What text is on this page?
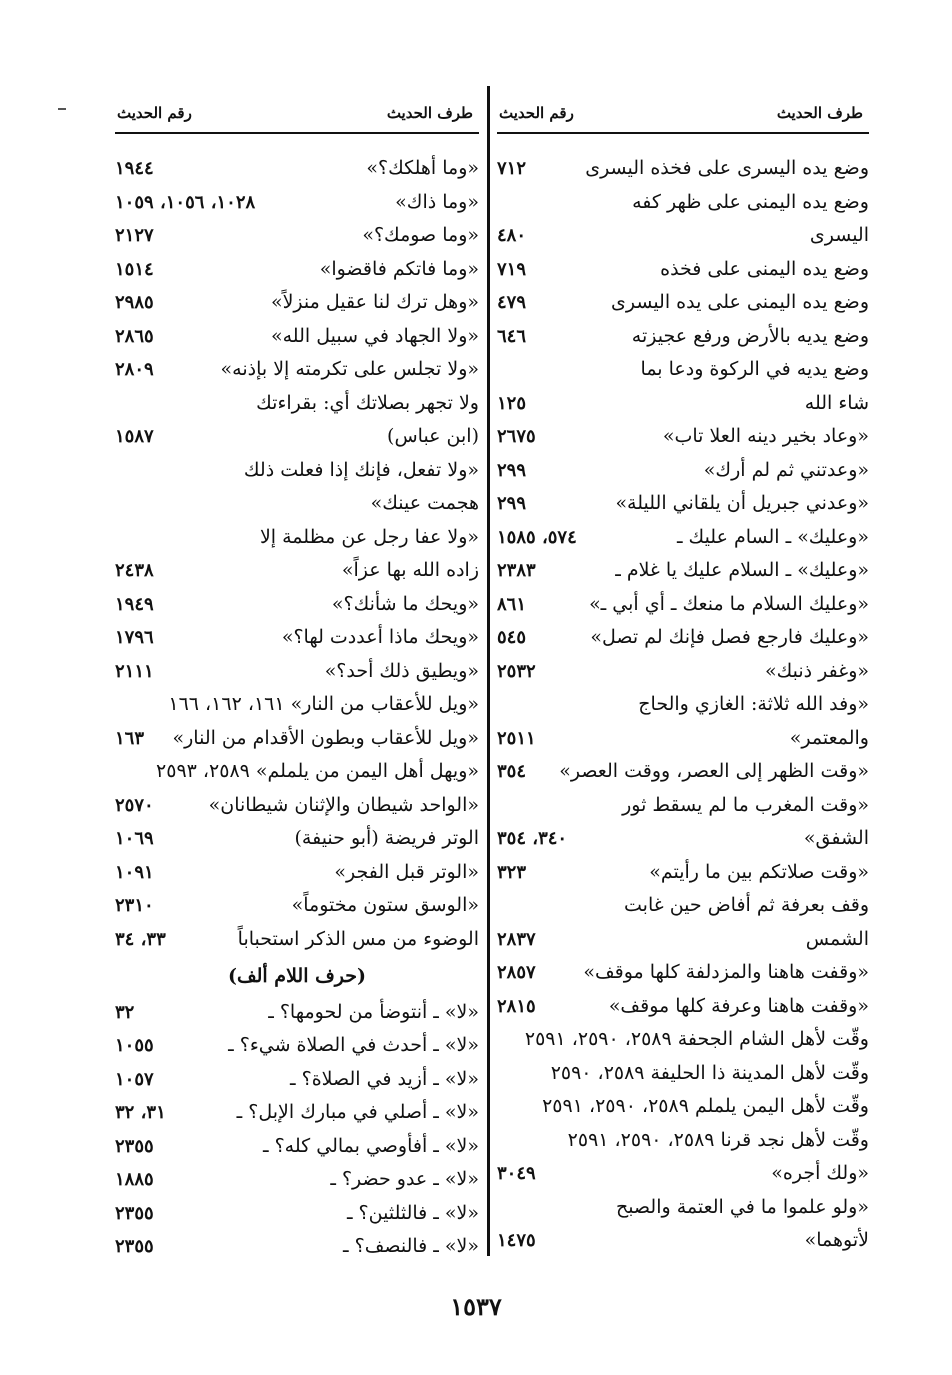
طرف الحديث
رقم الحديث
وضع يده اليسرى على فخذه اليسرى
٧١٢
وضع يده اليمنى على ظهر كفه
اليسرى
٤٨٠
وضع يده اليمنى على فخذه
٧١٩
وضع يده اليمنى على يده اليسرى
٤٧٩
وضع يديه بالأرض ورفع عجيزته
٦٤٦
وضع يديه في الركوة ودعا بما
شاء الله
١٢٥
«وعاد بخير دينه العلا تاب»
٢٦٧٥
«وعدتني ثم لم أرك»
٢٩٩
«وعدني جبريل أن يلقاني الليلة»
٢٩٩
«وعليك» ـ السام عليك ـ
٥٧٤، ١٥٨٥
«وعليك» ـ السلام عليك يا غلام ـ
٢٣٨٣
«وعليك السلام ما منعك ـ أي أبي ـ»
٨٦١
«وعليك فارجع فصل فإنك لم تصل»
٥٤٥
«وغفر ذنبك»
٢٥٣٢
«وفد الله ثلاثة: الغازي والحاج
والمعتمر»
٢٥١١
«وقت الظهر إلى العصر، ووقت العصر»
٣٥٤
«وقت المغرب ما لم يسقط ثور
الشفق»
٣٤٠، ٣٥٤
«وقت صلاتكم بين ما رأيتم»
٣٢٣
وقف بعرفة ثم أفاض حين غابت
الشمس
٢٨٣٧
«وقفت هاهنا والمزدلفة كلها موقف»
٢٨٥٧
«وقفت هاهنا وعرفة كلها موقف»
٢٨١٥
وقّت لأهل الشام الجحفة ٢٥٨٩، ٢٥٩٠، ٢٥٩١
وقّت لأهل المدينة ذا الحليفة ٢٥٨٩، ٢٥٩٠
وقّت لأهل اليمن يلملم ٢٥٨٩، ٢٥٩٠، ٢٥٩١
وقّت لأهل نجد قرنا ٢٥٨٩، ٢٥٩٠، ٢٥٩١
«ولك أجره»
٣٠٤٩
«ولو علموا ما في العتمة والصبح
لأتوهما»
١٤٧٥
طرف الحديث
رقم الحديث
«وما أهلكك؟»
١٩٤٤
«وما ذاك»
١٠٢٨، ١٠٥٦، ١٠٥٩
«وما صومك؟»
٢١٢٧
«وما فاتكم فاقضوا»
١٥١٤
«وهل ترك لنا عقيل منزلاً»
٢٩٨٥
«ولا الجهاد في سبيل الله»
٢٨٦٥
«ولا تجلس على تكرمته إلا بإذنه»
٢٨٠٩
ولا تجهر بصلاتك أي: بقراءتك
(ابن عباس)
١٥٨٧
«ولا تفعل، فإنك إذا فعلت ذلك
هجمت عينك»
«ولا عفا رجل عن مظلمة إلا
زاده الله بها عزاً»
٢٤٣٨
«ويحك ما شأنك؟»
١٩٤٩
«ويحك ماذا أعددت لها؟»
١٧٩٦
«ويطيق ذلك أحد؟»
٢١١١
«ويل للأعقاب من النار» ١٦١، ١٦٢، ١٦٦
«ويل للأعقاب وبطون الأقدام من النار»
١٦٣
«ويهل أهل اليمن من يلملم» ٢٥٨٩، ٢٥٩٣
«الواحد شيطان والإثنان شيطانان»
٢٥٧٠
الوتر فريضة (أبو حنيفة)
١٠٦٩
«الوتر قبل الفجر»
١٠٩١
«الوسق ستون مختوماً»
٢٣١٠
الوضوء من مس الذكر استحباباً
٣٣، ٣٤
(حرف اللام ألف)
«لا» ـ أنتوضأ من لحومها؟ ـ
٣٢
«لا» ـ أحدث في الصلاة شيء؟ ـ
١٠٥٥
«لا» ـ أزيد في الصلاة؟ ـ
١٠٥٧
«لا» ـ أصلي في مبارك الإبل؟ ـ
٣١، ٣٢
«لا» ـ أفأوصي بمالي كله؟ ـ
٢٣٥٥
«لا» ـ عدو حضر؟ ـ
١٨٨٥
«لا» ـ فالثلثين؟ ـ
٢٣٥٥
«لا» ـ فالنصف؟ ـ
٢٣٥٥
١٥٣٧
